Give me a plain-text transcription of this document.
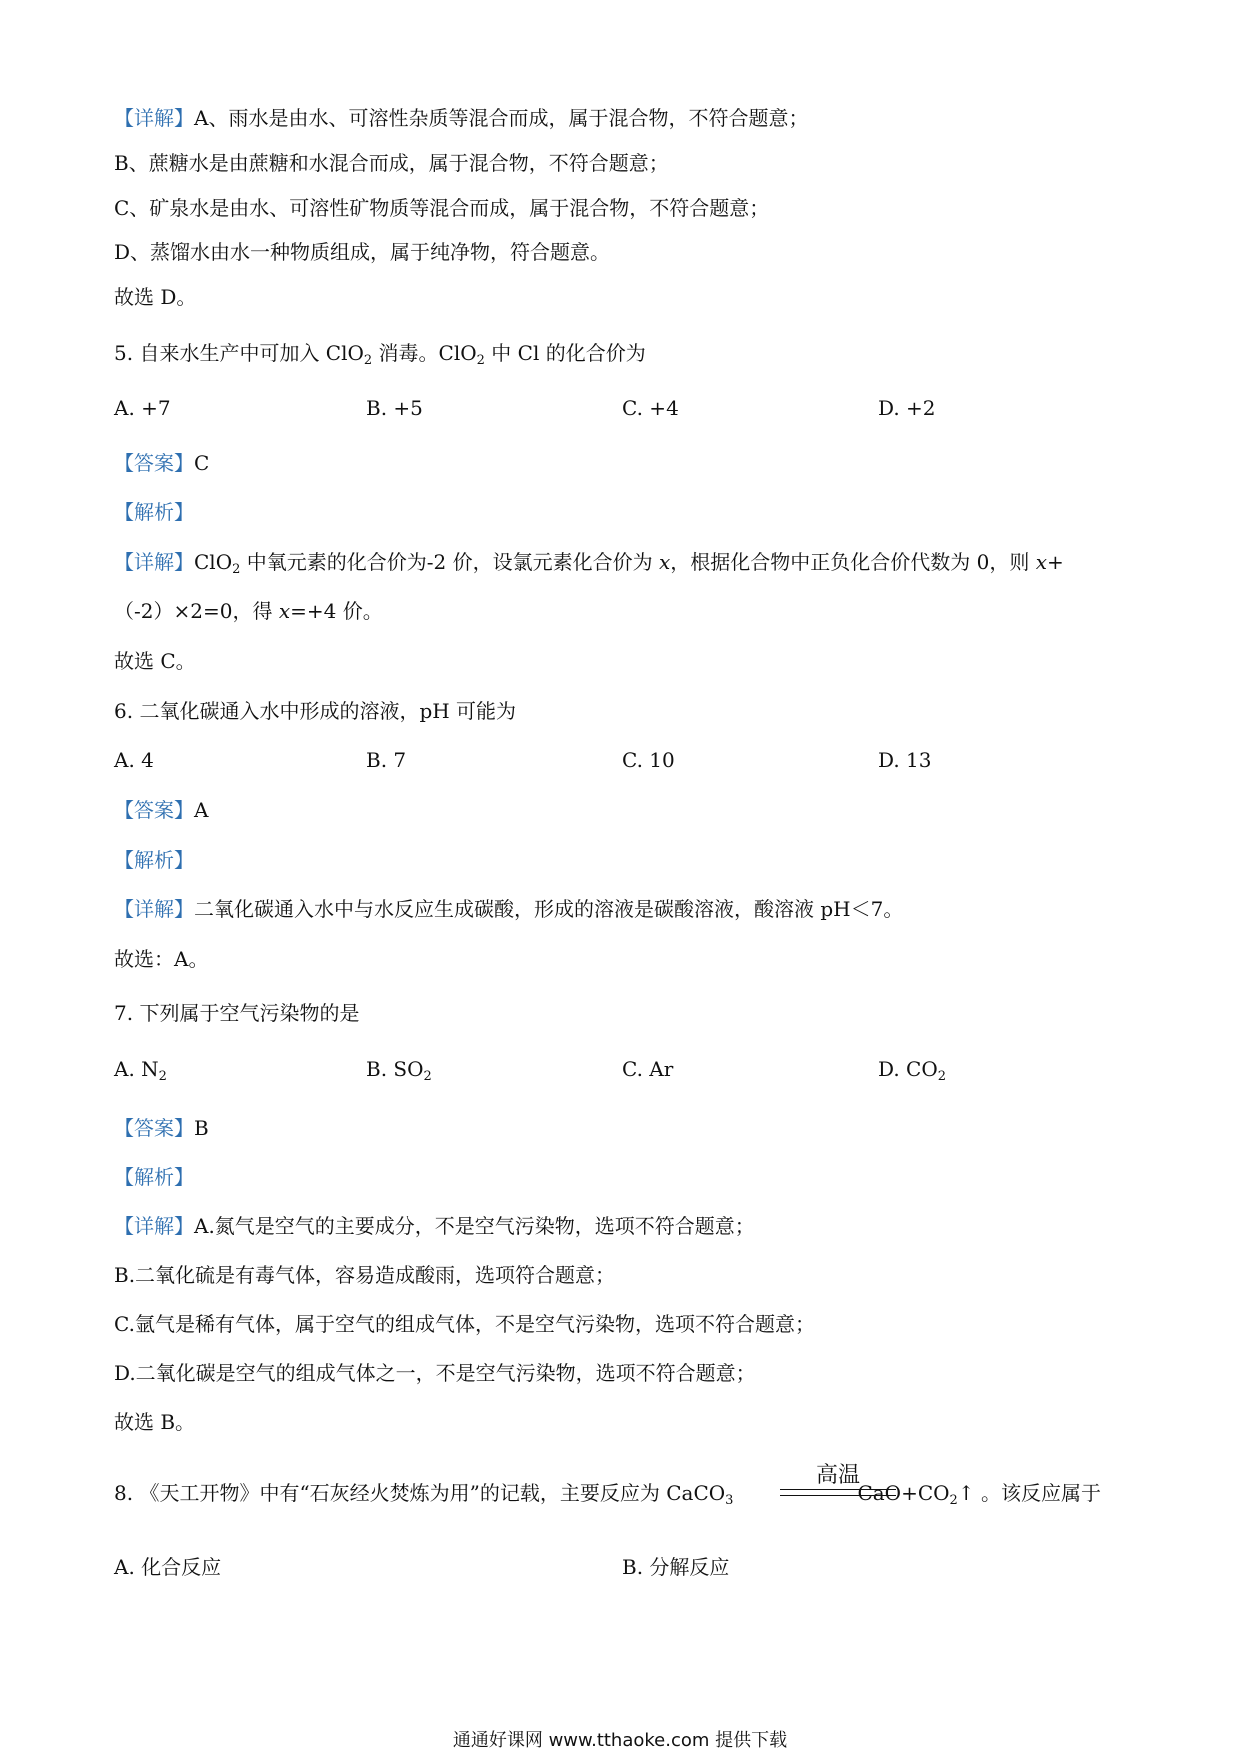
【详解】A、雨水是由水、可溶性杂质等混合而成，属于混合物，不符合题意；
B、蔗糖水是由蔗糖和水混合而成，属于混合物，不符合题意；
C、矿泉水是由水、可溶性矿物质等混合而成，属于混合物，不符合题意；
D、蒸馏水由水一种物质组成，属于纯净物，符合题意。
故选 D。
5. 自来水生产中可加入 ClO$_2$ 消毒。ClO$_2$ 中 Cl 的化合价为
A. +7	B. +5	C. +4	D. +2
【答案】C
【解析】
【详解】ClO$_2$ 中氧元素的化合价为-2 价，设氯元素化合价为 x，根据化合物中正负化合价代数为 0，则 x+
（-2）×2=0，得 x=+4 价。
故选 C。
6. 二氧化碳通入水中形成的溶液，pH 可能为
A. 4	B. 7	C. 10	D. 13
【答案】A
【解析】
【详解】二氧化碳通入水中与水反应生成碳酸，形成的溶液是碳酸溶液，酸溶液 pH＜7。
故选：A。
7. 下列属于空气污染物的是
A. $N_2$	B. $SO_2$	C. Ar	D. $CO_2$
【答案】B
【解析】
【详解】A.氮气是空气的主要成分，不是空气污染物，选项不符合题意；
B.二氧化硫是有毒气体，容易造成酸雨，选项符合题意；
C.氩气是稀有气体，属于空气的组成气体，不是空气污染物，选项不符合题意；
D.二氧化碳是空气的组成气体之一，不是空气污染物，选项不符合题意；
故选 B。
高温
8. 《天工开物》中有“石灰经火焚炼为用”的记载，主要反应为 CaCO$_3$	$CaO+CO_2↑$ 。该反应属于
A. 化合反应	B. 分解反应
通通好课网 www.tthaoke.com 提供下载
